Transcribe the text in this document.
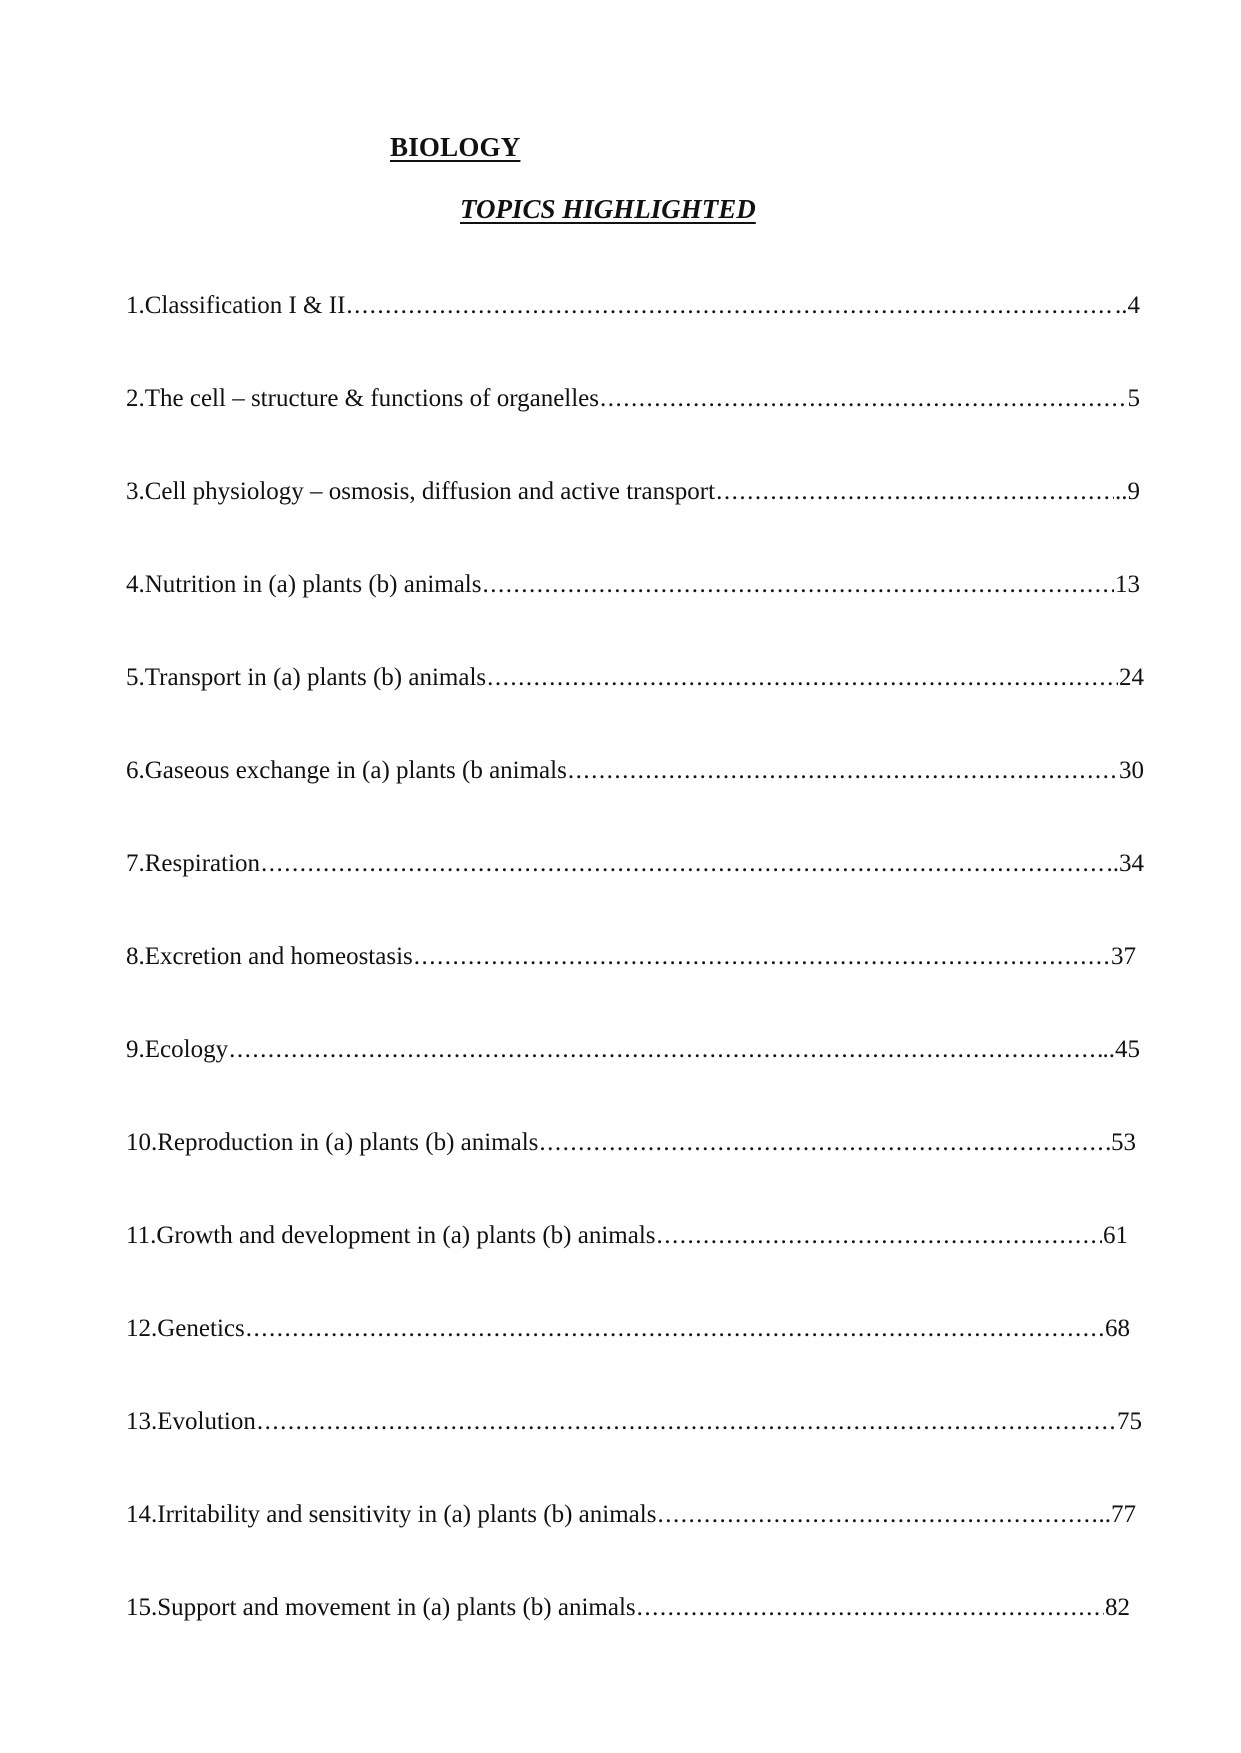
BIOLOGY
TOPICS HIGHLIGHTED
1. Classification I & II .....	..4
2. The cell – structure & functions of organelles .....	5
3. Cell physiology – osmosis, diffusion and active transport .....	..9
4. Nutrition in (a) plants (b) animals .....	13
5. Transport in (a) plants (b) animals .....	24
6. Gaseous exchange in (a) plants (b animals .....	30
7. Respiration .....	..34
8. Excretion and homeostasis .....	37
9. Ecology .....	..45
10. Reproduction in (a) plants (b) animals .....	53
11. Growth and development in (a) plants (b) animals .....	61
12. Genetics .....	68
13. Evolution .....	75
14. Irritability and sensitivity in (a) plants (b) animals .....	..77
15. Support and movement in (a) plants (b) animals .....	82
